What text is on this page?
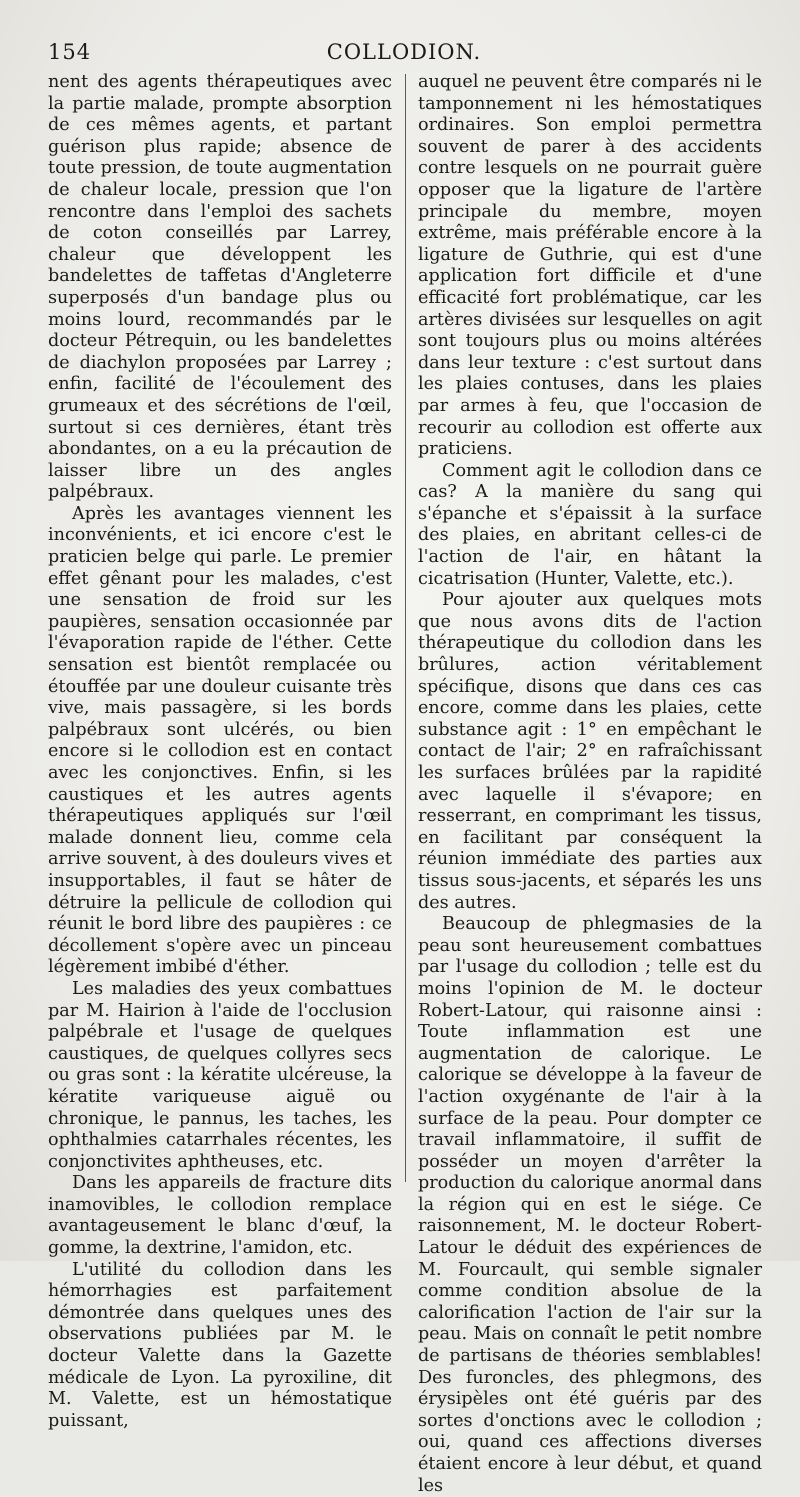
154	COLLODION.

nent des agents thérapeutiques avec la partie malade, prompte absorption de ces mêmes agents, et partant guérison plus rapide; absence de toute pression, de toute augmentation de chaleur locale, pression que l'on rencontre dans l'emploi des sachets de coton conseillés par Larrey, chaleur que développent les bandelettes de taffetas d'Angleterre superposés d'un bandage plus ou moins lourd, recommandés par le docteur Pétrequin, ou les bandelettes de diachylon proposées par Larrey ; enfin, facilité de l'écoulement des grumeaux et des sécrétions de l'œil, surtout si ces dernières, étant très abondantes, on a eu la précaution de laisser libre un des angles palpébraux.

Après les avantages viennent les inconvénients, et ici encore c'est le praticien belge qui parle. Le premier effet gênant pour les malades, c'est une sensation de froid sur les paupières, sensation occasionnée par l'évaporation rapide de l'éther. Cette sensation est bientôt remplacée ou étouffée par une douleur cuisante très vive, mais passagère, si les bords palpébraux sont ulcérés, ou bien encore si le collodion est en contact avec les conjonctives. Enfin, si les caustiques et les autres agents thérapeutiques appliqués sur l'œil malade donnent lieu, comme cela arrive souvent, à des douleurs vives et insupportables, il faut se hâter de détruire la pellicule de collodion qui réunit le bord libre des paupières : ce décollement s'opère avec un pinceau légèrement imbibé d'éther.

Les maladies des yeux combattues par M. Hairion à l'aide de l'occlusion palpébrale et l'usage de quelques caustiques, de quelques collyres secs ou gras sont : la kératite ulcéreuse, la kératite variqueuse aiguë ou chronique, le pannus, les taches, les ophthalmies catarrhales récentes, les conjonctivites aphtheuses, etc.

Dans les appareils de fracture dits inamovibles, le collodion remplace avantageusement le blanc d'œuf, la gomme, la dextrine, l'amidon, etc.

L'utilité du collodion dans les hémorrhagies est parfaitement démontrée dans quelques unes des observations publiées par M. le docteur Valette dans la Gazette médicale de Lyon. La pyroxiline, dit M. Valette, est un hémostatique puissant,

auquel ne peuvent être comparés ni le tamponnement ni les hémostatiques ordinaires. Son emploi permettra souvent de parer à des accidents contre lesquels on ne pourrait guère opposer que la ligature de l'artère principale du membre, moyen extrême, mais préférable encore à la ligature de Guthrie, qui est d'une application fort difficile et d'une efficacité fort problématique, car les artères divisées sur lesquelles on agit sont toujours plus ou moins altérées dans leur texture : c'est surtout dans les plaies contuses, dans les plaies par armes à feu, que l'occasion de recourir au collodion est offerte aux praticiens.

Comment agit le collodion dans ce cas? A la manière du sang qui s'épanche et s'épaissit à la surface des plaies, en abritant celles-ci de l'action de l'air, en hâtant la cicatrisation (Hunter, Valette, etc.).

Pour ajouter aux quelques mots que nous avons dits de l'action thérapeutique du collodion dans les brûlures, action véritablement spécifique, disons que dans ces cas encore, comme dans les plaies, cette substance agit : 1° en empêchant le contact de l'air; 2° en rafraîchissant les surfaces brûlées par la rapidité avec laquelle il s'évapore; en resserrant, en comprimant les tissus, en facilitant par conséquent la réunion immédiate des parties aux tissus sous-jacents, et séparés les uns des autres.

Beaucoup de phlegmasies de la peau sont heureusement combattues par l'usage du collodion ; telle est du moins l'opinion de M. le docteur Robert-Latour, qui raisonne ainsi : Toute inflammation est une augmentation de calorique. Le calorique se développe à la faveur de l'action oxygénante de l'air à la surface de la peau. Pour dompter ce travail inflammatoire, il suffit de posséder un moyen d'arrêter la production du calorique anormal dans la région qui en est le siége. Ce raisonnement, M. le docteur Robert-Latour le déduit des expériences de M. Fourcault, qui semble signaler comme condition absolue de la calorification l'action de l'air sur la peau. Mais on connaît le petit nombre de partisans de théories semblables! Des furoncles, des phlegmons, des érysipèles ont été guéris par des sortes d'onctions avec le collodion ; oui, quand ces affections diverses étaient encore à leur début, et quand les
